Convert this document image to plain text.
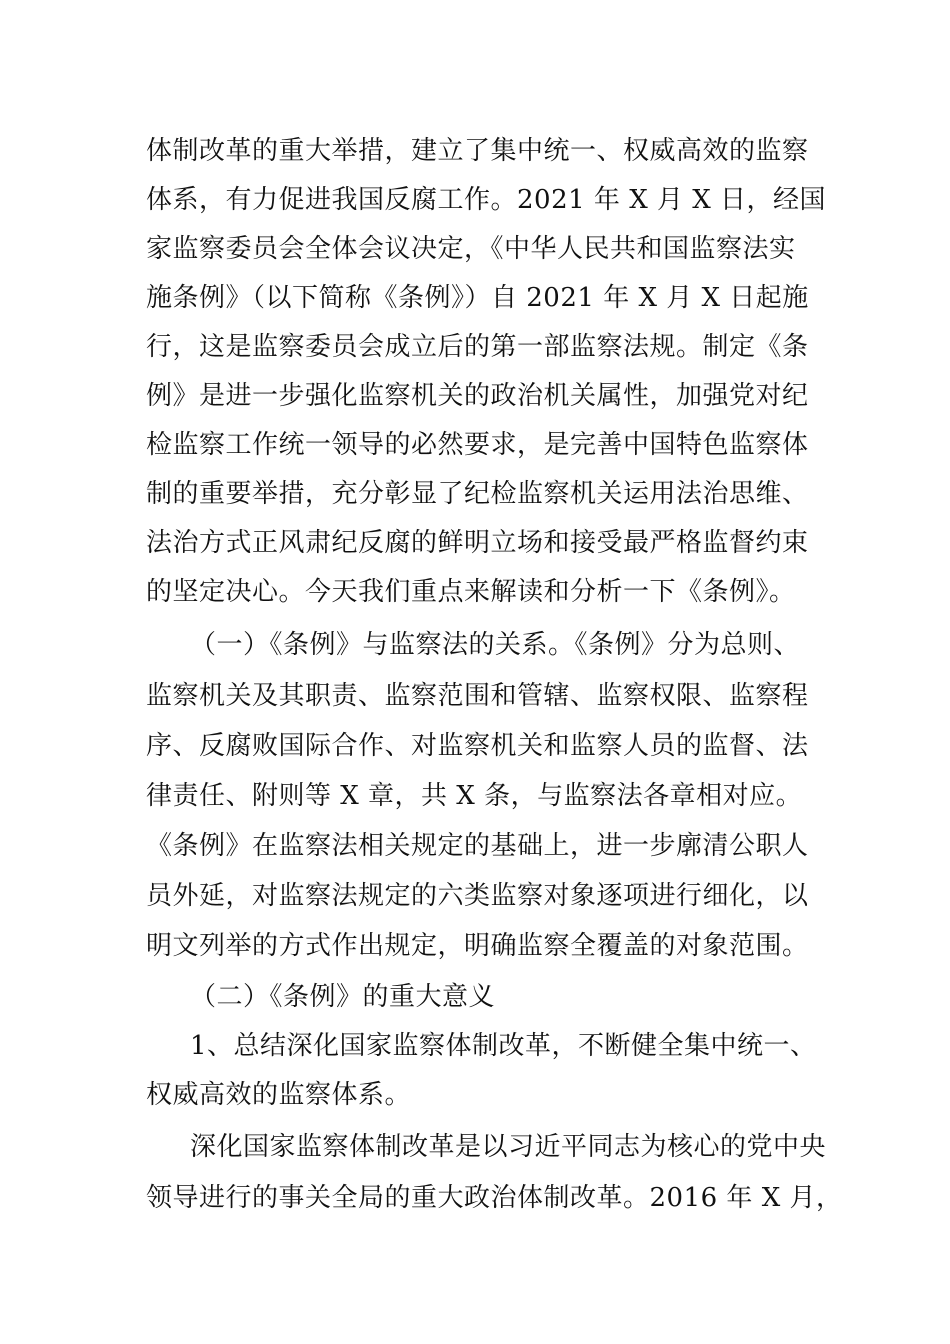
体制改革的重大举措，建立了集中统一、权威高效的监察
体系，有力促进我国反腐工作。2021 年 X 月 X 日，经国
家监察委员会全体会议决定，《中华人民共和国监察法实
施条例》（以下简称《条例》）自 2021 年 X 月 X 日起施
行，这是监察委员会成立后的第一部监察法规。制定《条
例》是进一步强化监察机关的政治机关属性，加强党对纪
检监察工作统一领导的必然要求，是完善中国特色监察体
制的重要举措，充分彰显了纪检监察机关运用法治思维、
法治方式正风肃纪反腐的鲜明立场和接受最严格监督约束
的坚定决心。今天我们重点来解读和分析一下《条例》。
（一）《条例》与监察法的关系。《条例》分为总则、
监察机关及其职责、监察范围和管辖、监察权限、监察程
序、反腐败国际合作、对监察机关和监察人员的监督、法
律责任、附则等 X 章，共 X 条，与监察法各章相对应。
《条例》在监察法相关规定的基础上，进一步廓清公职人
员外延，对监察法规定的六类监察对象逐项进行细化，以
明文列举的方式作出规定，明确监察全覆盖的对象范围。
（二）《条例》的重大意义
1、总结深化国家监察体制改革，不断健全集中统一、
权威高效的监察体系。
深化国家监察体制改革是以习近平同志为核心的党中央
领导进行的事关全局的重大政治体制改革。2016 年 X 月，
